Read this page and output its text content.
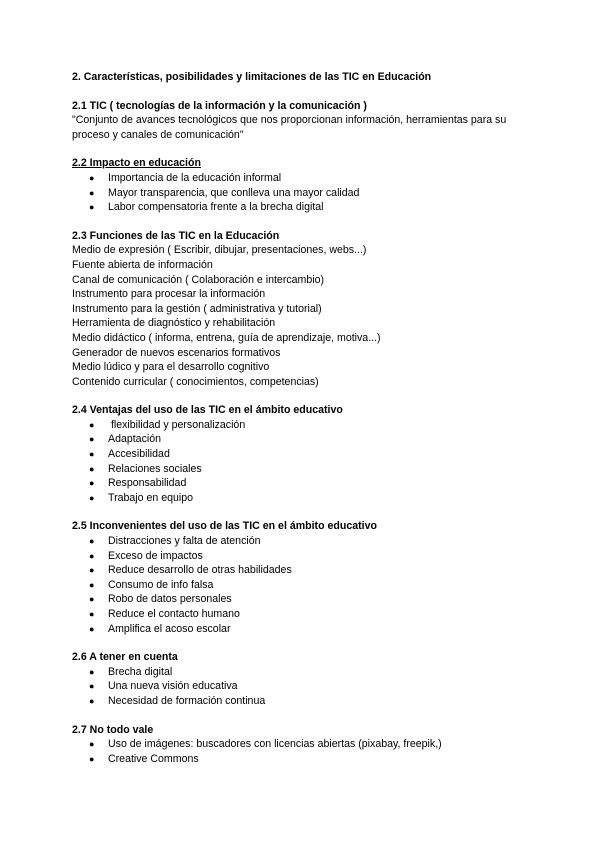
2. Características, posibilidades y limitaciones de las TIC en Educación
2.1 TIC ( tecnologías de la información y la comunicación )
"Conjunto de avances tecnológicos que nos proporcionan información, herramientas para su
proceso y canales de comunicación"
2.2 Impacto en educación
● Importancia de la educación informal
● Mayor transparencia, que conlleva una mayor calidad
● Labor compensatoria frente a la brecha digital
2.3 Funciones de las TIC en la Educación
Medio de expresión ( Escribir, dibujar, presentaciones, webs...)
Fuente abierta de información
Canal de comunicación ( Colaboración e intercambio)
Instrumento para procesar la información
Instrumento para la gestión ( administrativa y tutorial)
Herramienta de diagnóstico y rehabilitación
Medio didáctico ( informa, entrena, guía de aprendizaje, motiva...)
Generador de nuevos escenarios formativos
Medio lúdico y para el desarrollo cognitivo
Contenido curricular ( conocimientos, competencias)
2.4 Ventajas del uso de las TIC en el ámbito educativo
● flexibilidad y personalización
● Adaptación
● Accesibilidad
● Relaciones sociales
● Responsabilidad
● Trabajo en equipo
2.5 Inconvenientes del uso de las TIC en el ámbito educativo
● Distracciones y falta de atención
● Exceso de impactos
● Reduce desarrollo de otras habilidades
● Consumo de info falsa
● Robo de datos personales
● Reduce el contacto humano
● Amplifica el acoso escolar
2.6 A tener en cuenta
● Brecha digital
● Una nueva visión educativa
● Necesidad de formación continua
2.7 No todo vale
● Uso de imágenes: buscadores con licencias abiertas (pixabay, freepik,)
● Creative Commons
